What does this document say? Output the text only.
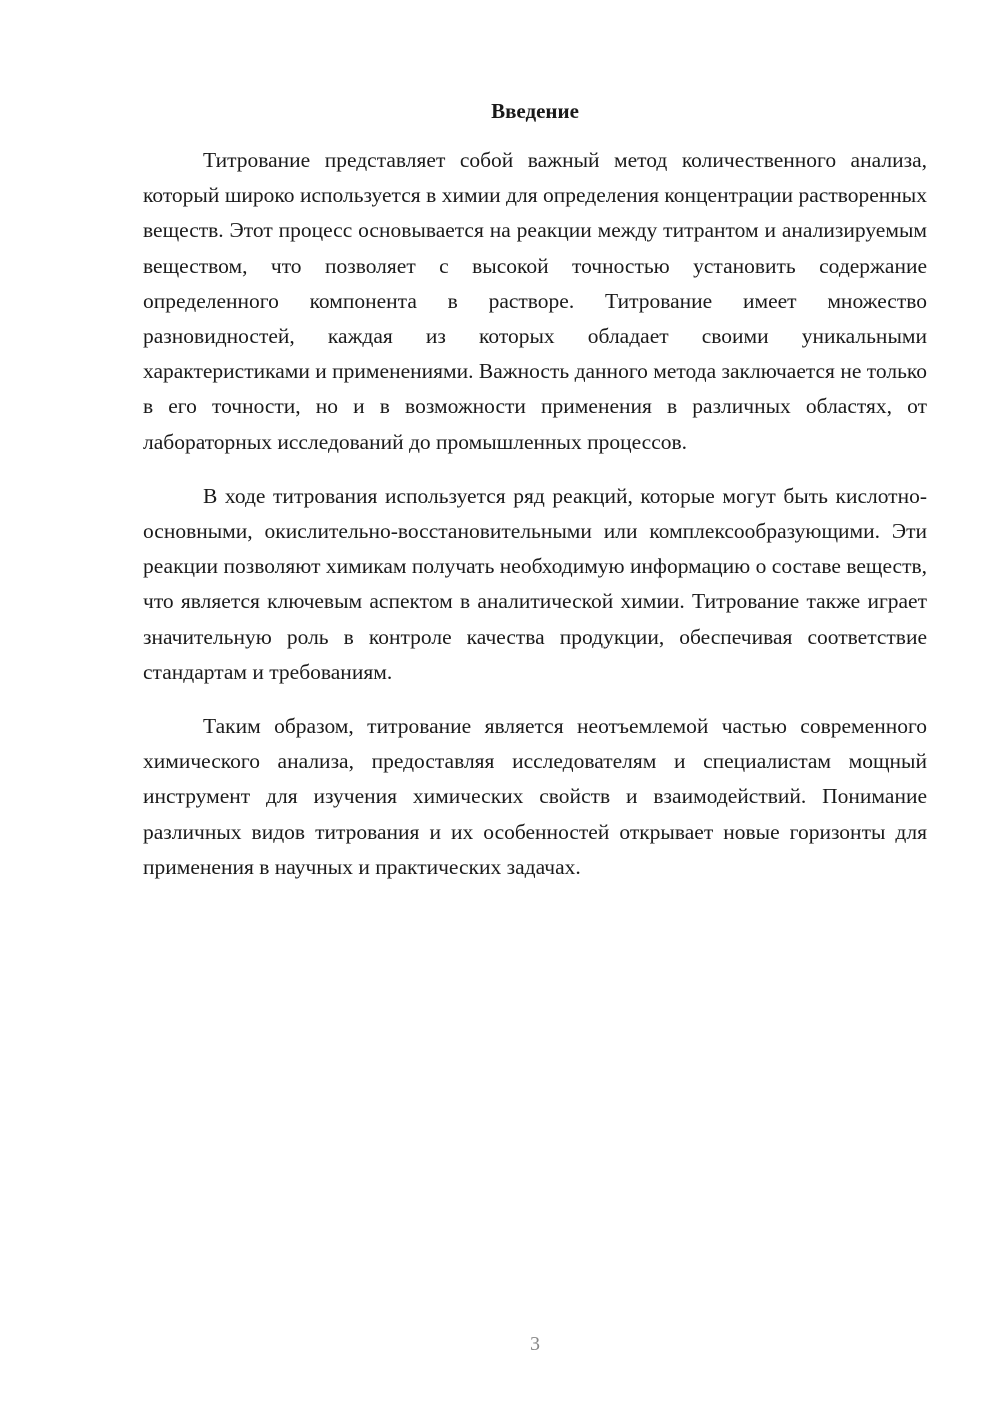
Введение

Титрование представляет собой важный метод количественного анализа, который широко используется в химии для определения концентрации растворенных веществ. Этот процесс основывается на реакции между титрантом и анализируемым веществом, что позволяет с высокой точностью установить содержание определенного компонента в растворе. Титрование имеет множество разновидностей, каждая из которых обладает своими уникальными характеристиками и применениями. Важность данного метода заключается не только в его точности, но и в возможности применения в различных областях, от лабораторных исследований до промышленных процессов.

В ходе титрования используется ряд реакций, которые могут быть кислотно-основными, окислительно-восстановительными или комплексообразующими. Эти реакции позволяют химикам получать необходимую информацию о составе веществ, что является ключевым аспектом в аналитической химии. Титрование также играет значительную роль в контроле качества продукции, обеспечивая соответствие стандартам и требованиям.

Таким образом, титрование является неотъемлемой частью современного химического анализа, предоставляя исследователям и специалистам мощный инструмент для изучения химических свойств и взаимодействий. Понимание различных видов титрования и их особенностей открывает новые горизонты для применения в научных и практических задачах.

3
